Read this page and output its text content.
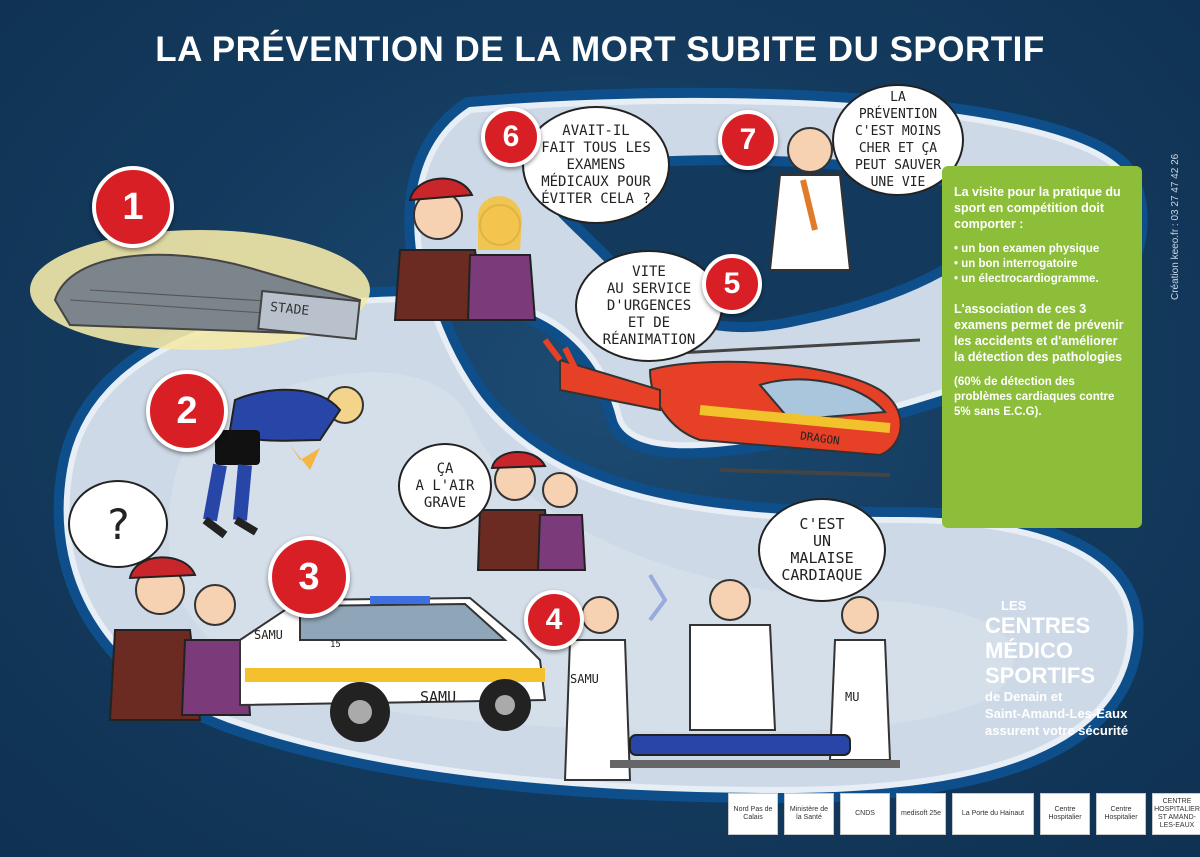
LA PRÉVENTION DE LA MORT SUBITE DU SPORTIF
STADE
SAMU
SAMU
15
SAMU
MU
DRAGON
?
ÇA
A L'AIR
GRAVE
C'EST
UN
MALAISE
CARDIAQUE
VITE
AU SERVICE
D'URGENCES
ET DE
RÉANIMATION
AVAIT-IL
FAIT TOUS LES
EXAMENS
MÉDICAUX POUR
ÉVITER CELA ?
LA
PRÉVENTION
C'EST MOINS
CHER ET ÇA
PEUT SAUVER
UNE VIE
1
2
3
4
5
6	7

La visite pour la pratique du sport en compétition doit comporter :

• un bon examen physique
• un bon interrogatoire
• un électrocardiogramme.

L'association de ces 3 examens permet de prévenir les accidents et d'améliorer la détection des pathologies

(60% de détection des problèmes cardiaques contre 5% sans E.C.G).

Création keeo.fr : 03 27 47 42 26
LES
CENTRES
MÉDICO
SPORTIFS
de Denain et
Saint-Amand-Les-Eaux
assurent votre sécurité
Nord Pas de Calais
Ministère de la Santé
CNDS	medisoft 25e	La Porte du Hainaut
Centre Hospitalier
Centre Hospitalier
CENTRE HOSPITALIER ST AMAND-LES-EAUX
